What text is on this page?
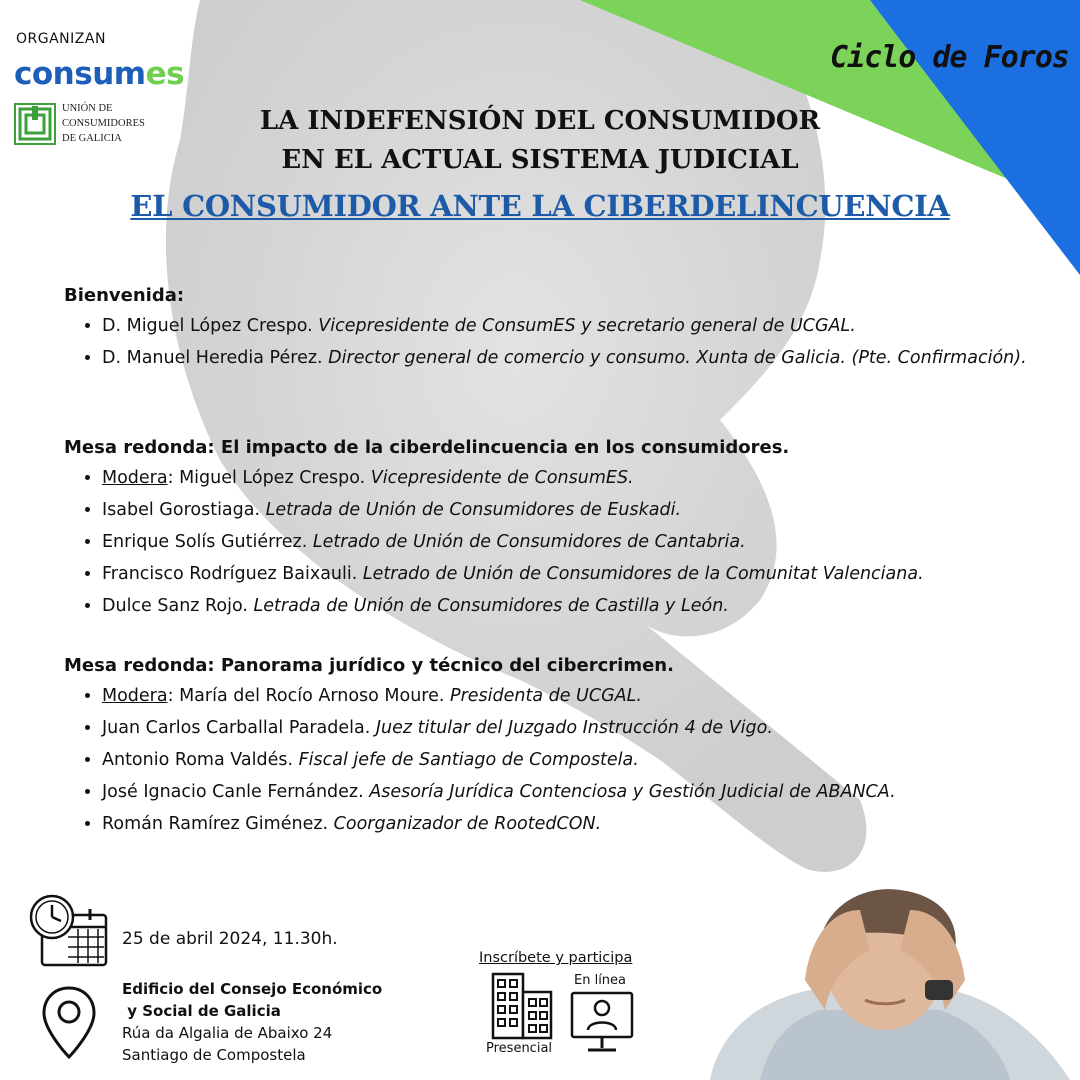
ORGANIZAN
consumes
UNIÓN DE
CONSUMIDORES
DE GALICIA
Ciclo de Foros
LA INDEFENSIÓN DEL CONSUMIDOR
EN EL ACTUAL SISTEMA JUDICIAL
EL CONSUMIDOR ANTE LA CIBERDELINCUENCIA
Bienvenida:
• D. Miguel López Crespo. Vicepresidente de ConsumES y secretario general de UCGAL.
• D. Manuel Heredia Pérez. Director general de comercio y consumo. Xunta de Galicia. (Pte. Confirmación).
Mesa redonda: El impacto de la ciberdelincuencia en los consumidores.
• Modera: Miguel López Crespo. Vicepresidente de ConsumES.
• Isabel Gorostiaga. Letrada de Unión de Consumidores de Euskadi.
• Enrique Solís Gutiérrez. Letrado de Unión de Consumidores de Cantabria.
• Francisco Rodríguez Baixauli. Letrado de Unión de Consumidores de la Comunitat Valenciana.
• Dulce Sanz Rojo. Letrada de Unión de Consumidores de Castilla y León.
Mesa redonda: Panorama jurídico y técnico del cibercrimen.
• Modera: María del Rocío Arnoso Moure. Presidenta de UCGAL.
• Juan Carlos Carballal Paradela. Juez titular del Juzgado Instrucción 4 de Vigo.
• Antonio Roma Valdés. Fiscal jefe de Santiago de Compostela.
• José Ignacio Canle Fernández. Asesoría Jurídica Contenciosa y Gestión Judicial de ABANCA.
• Román Ramírez Giménez. Coorganizador de RootedCON.
25 de abril 2024, 11.30h.
Edificio del Consejo Económico
y Social de Galicia
Rúa da Algalia de Abaixo 24
Santiago de Compostela
Inscríbete y participa
Presencial
En línea
